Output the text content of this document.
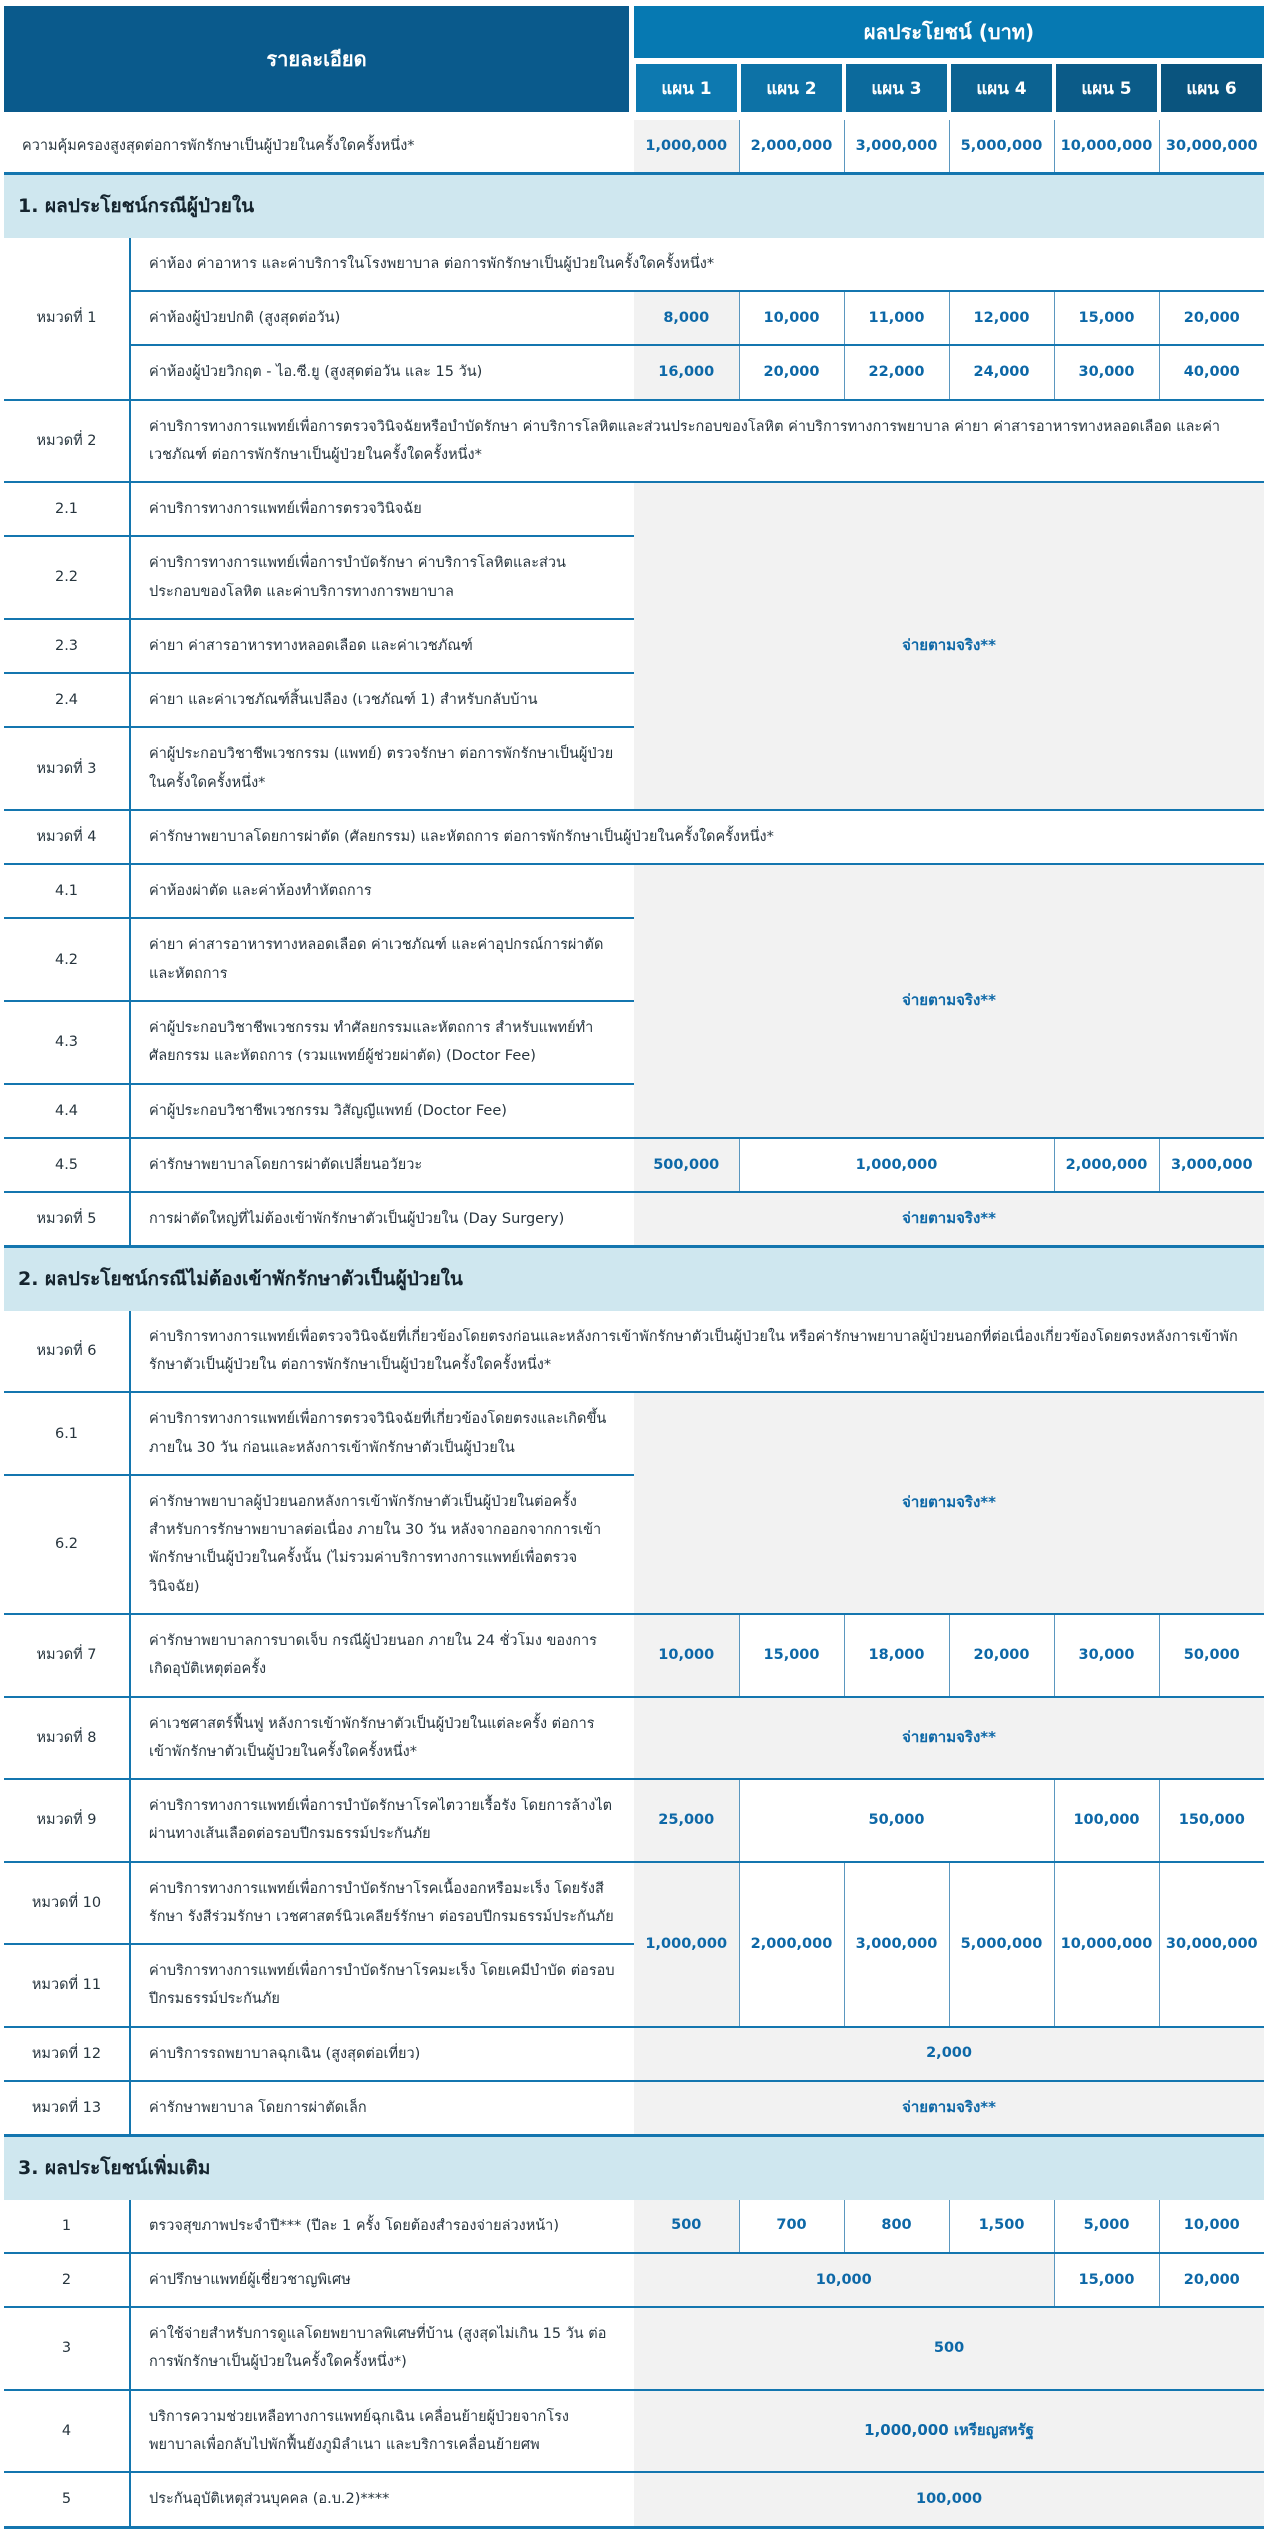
รายละเอียด		ผลประโยชน์ (บาท)					

แผน 1	แผน 2	แผน 3	แผน 4	แผน 5	แผน 6

ความคุ้มครองสูงสุดต่อการพักรักษาเป็นผู้ป่วยในครั้งใดครั้งหนึ่ง*		1,000,000	2,000,000	3,000,000	5,000,000	10,000,000	30,000,000
1. ผลประโยชน์กรณีผู้ป่วยใน							
หมวดที่ 1	ค่าห้อง ค่าอาหาร และค่าบริการในโรงพยาบาล ต่อการพักรักษาเป็นผู้ป่วยในครั้งใดครั้งหนึ่ง*						
	ค่าห้องผู้ป่วยปกติ (สูงสุดต่อวัน)	8,000	10,000	11,000	12,000	15,000	20,000
	ค่าห้องผู้ป่วยวิกฤต - ไอ.ซี.ยู (สูงสุดต่อวัน และ 15 วัน)	16,000	20,000	22,000	24,000	30,000	40,000
หมวดที่ 2	ค่าบริการทางการแพทย์เพื่อการตรวจวินิจฉัยหรือบำบัดรักษา ค่าบริการโลหิตและส่วนประกอบของโลหิต ค่าบริการทางการพยาบาล ค่ายา ค่าสารอาหารทางหลอดเลือด และค่าเวชภัณฑ์ ต่อการพักรักษาเป็นผู้ป่วยในครั้งใดครั้งหนึ่ง*						
2.1	ค่าบริการทางการแพทย์เพื่อการตรวจวินิจฉัย	จ่ายตามจริง**					
2.2	ค่าบริการทางการแพทย์เพื่อการบำบัดรักษา ค่าบริการโลหิตและส่วนประกอบของโลหิต และค่าบริการทางการพยาบาล						
2.3	ค่ายา ค่าสารอาหารทางหลอดเลือด และค่าเวชภัณฑ์						
2.4	ค่ายา และค่าเวชภัณฑ์สิ้นเปลือง (เวชภัณฑ์ 1) สำหรับกลับบ้าน						
หมวดที่ 3	ค่าผู้ประกอบวิชาชีพเวชกรรม (แพทย์) ตรวจรักษา ต่อการพักรักษาเป็นผู้ป่วยในครั้งใดครั้งหนึ่ง*						
หมวดที่ 4	ค่ารักษาพยาบาลโดยการผ่าตัด (ศัลยกรรม) และหัตถการ ต่อการพักรักษาเป็นผู้ป่วยในครั้งใดครั้งหนึ่ง*						
4.1	ค่าห้องผ่าตัด และค่าห้องทำหัตถการ	จ่ายตามจริง**					
4.2	ค่ายา ค่าสารอาหารทางหลอดเลือด ค่าเวชภัณฑ์ และค่าอุปกรณ์การผ่าตัดและหัตถการ						
4.3	ค่าผู้ประกอบวิชาชีพเวชกรรม ทำศัลยกรรมและหัตถการ สำหรับแพทย์ทำศัลยกรรม และหัตถการ (รวมแพทย์ผู้ช่วยผ่าตัด) (Doctor Fee)						
4.4	ค่าผู้ประกอบวิชาชีพเวชกรรม วิสัญญีแพทย์ (Doctor Fee)						
4.5	ค่ารักษาพยาบาลโดยการผ่าตัดเปลี่ยนอวัยวะ	500,000	1,000,000			2,000,000	3,000,000
หมวดที่ 5	การผ่าตัดใหญ่ที่ไม่ต้องเข้าพักรักษาตัวเป็นผู้ป่วยใน (Day Surgery)	จ่ายตามจริง**					
2. ผลประโยชน์กรณีไม่ต้องเข้าพักรักษาตัวเป็นผู้ป่วยใน							
หมวดที่ 6	ค่าบริการทางการแพทย์เพื่อตรวจวินิจฉัยที่เกี่ยวข้องโดยตรงก่อนและหลังการเข้าพักรักษาตัวเป็นผู้ป่วยใน หรือค่ารักษาพยาบาลผู้ป่วยนอกที่ต่อเนื่องเกี่ยวข้องโดยตรงหลังการเข้าพักรักษาตัวเป็นผู้ป่วยใน ต่อการพักรักษาเป็นผู้ป่วยในครั้งใดครั้งหนึ่ง*						
6.1	ค่าบริการทางการแพทย์เพื่อการตรวจวินิจฉัยที่เกี่ยวข้องโดยตรงและเกิดขึ้นภายใน 30 วัน ก่อนและหลังการเข้าพักรักษาตัวเป็นผู้ป่วยใน	จ่ายตามจริง**					
6.2	ค่ารักษาพยาบาลผู้ป่วยนอกหลังการเข้าพักรักษาตัวเป็นผู้ป่วยในต่อครั้งสำหรับการรักษาพยาบาลต่อเนื่อง ภายใน 30 วัน หลังจากออกจากการเข้าพักรักษาเป็นผู้ป่วยในครั้งนั้น (ไม่รวมค่าบริการทางการแพทย์เพื่อตรวจวินิจฉัย)						
หมวดที่ 7	ค่ารักษาพยาบาลการบาดเจ็บ กรณีผู้ป่วยนอก ภายใน 24 ชั่วโมง ของการเกิดอุบัติเหตุต่อครั้ง	10,000	15,000	18,000	20,000	30,000	50,000
หมวดที่ 8	ค่าเวชศาสตร์ฟื้นฟู หลังการเข้าพักรักษาตัวเป็นผู้ป่วยในแต่ละครั้ง ต่อการเข้าพักรักษาตัวเป็นผู้ป่วยในครั้งใดครั้งหนึ่ง*	จ่ายตามจริง**					
หมวดที่ 9	ค่าบริการทางการแพทย์เพื่อการบำบัดรักษาโรคไตวายเรื้อรัง โดยการล้างไตผ่านทางเส้นเลือดต่อรอบปีกรมธรรม์ประกันภัย	25,000	50,000			100,000	150,000
หมวดที่ 10	ค่าบริการทางการแพทย์เพื่อการบำบัดรักษาโรคเนื้องอกหรือมะเร็ง โดยรังสีรักษา รังสีร่วมรักษา เวชศาสตร์นิวเคลียร์รักษา ต่อรอบปีกรมธรรม์ประกันภัย	1,000,000	2,000,000	3,000,000	5,000,000	10,000,000	30,000,000
หมวดที่ 11	ค่าบริการทางการแพทย์เพื่อการบำบัดรักษาโรคมะเร็ง โดยเคมีบำบัด ต่อรอบปีกรมธรรม์ประกันภัย						
หมวดที่ 12	ค่าบริการรถพยาบาลฉุกเฉิน (สูงสุดต่อเที่ยว)	2,000					
หมวดที่ 13	ค่ารักษาพยาบาล โดยการผ่าตัดเล็ก	จ่ายตามจริง**					
3. ผลประโยชน์เพิ่มเติม							
1	ตรวจสุขภาพประจำปี*** (ปีละ 1 ครั้ง โดยต้องสำรองจ่ายล่วงหน้า)	500	700	800	1,500	5,000	10,000
2	ค่าปรึกษาแพทย์ผู้เชี่ยวชาญพิเศษ	10,000				15,000	20,000
3	ค่าใช้จ่ายสำหรับการดูแลโดยพยาบาลพิเศษที่บ้าน (สูงสุดไม่เกิน 15 วัน ต่อการพักรักษาเป็นผู้ป่วยในครั้งใดครั้งหนึ่ง*)	500					
4	บริการความช่วยเหลือทางการแพทย์ฉุกเฉิน เคลื่อนย้ายผู้ป่วยจากโรงพยาบาลเพื่อกลับไปพักฟื้นยังภูมิลำเนา และบริการเคลื่อนย้ายศพ	1,000,000 เหรียญสหรัฐ					
5	ประกันอุบัติเหตุส่วนบุคคล (อ.บ.2)****	100,000					
